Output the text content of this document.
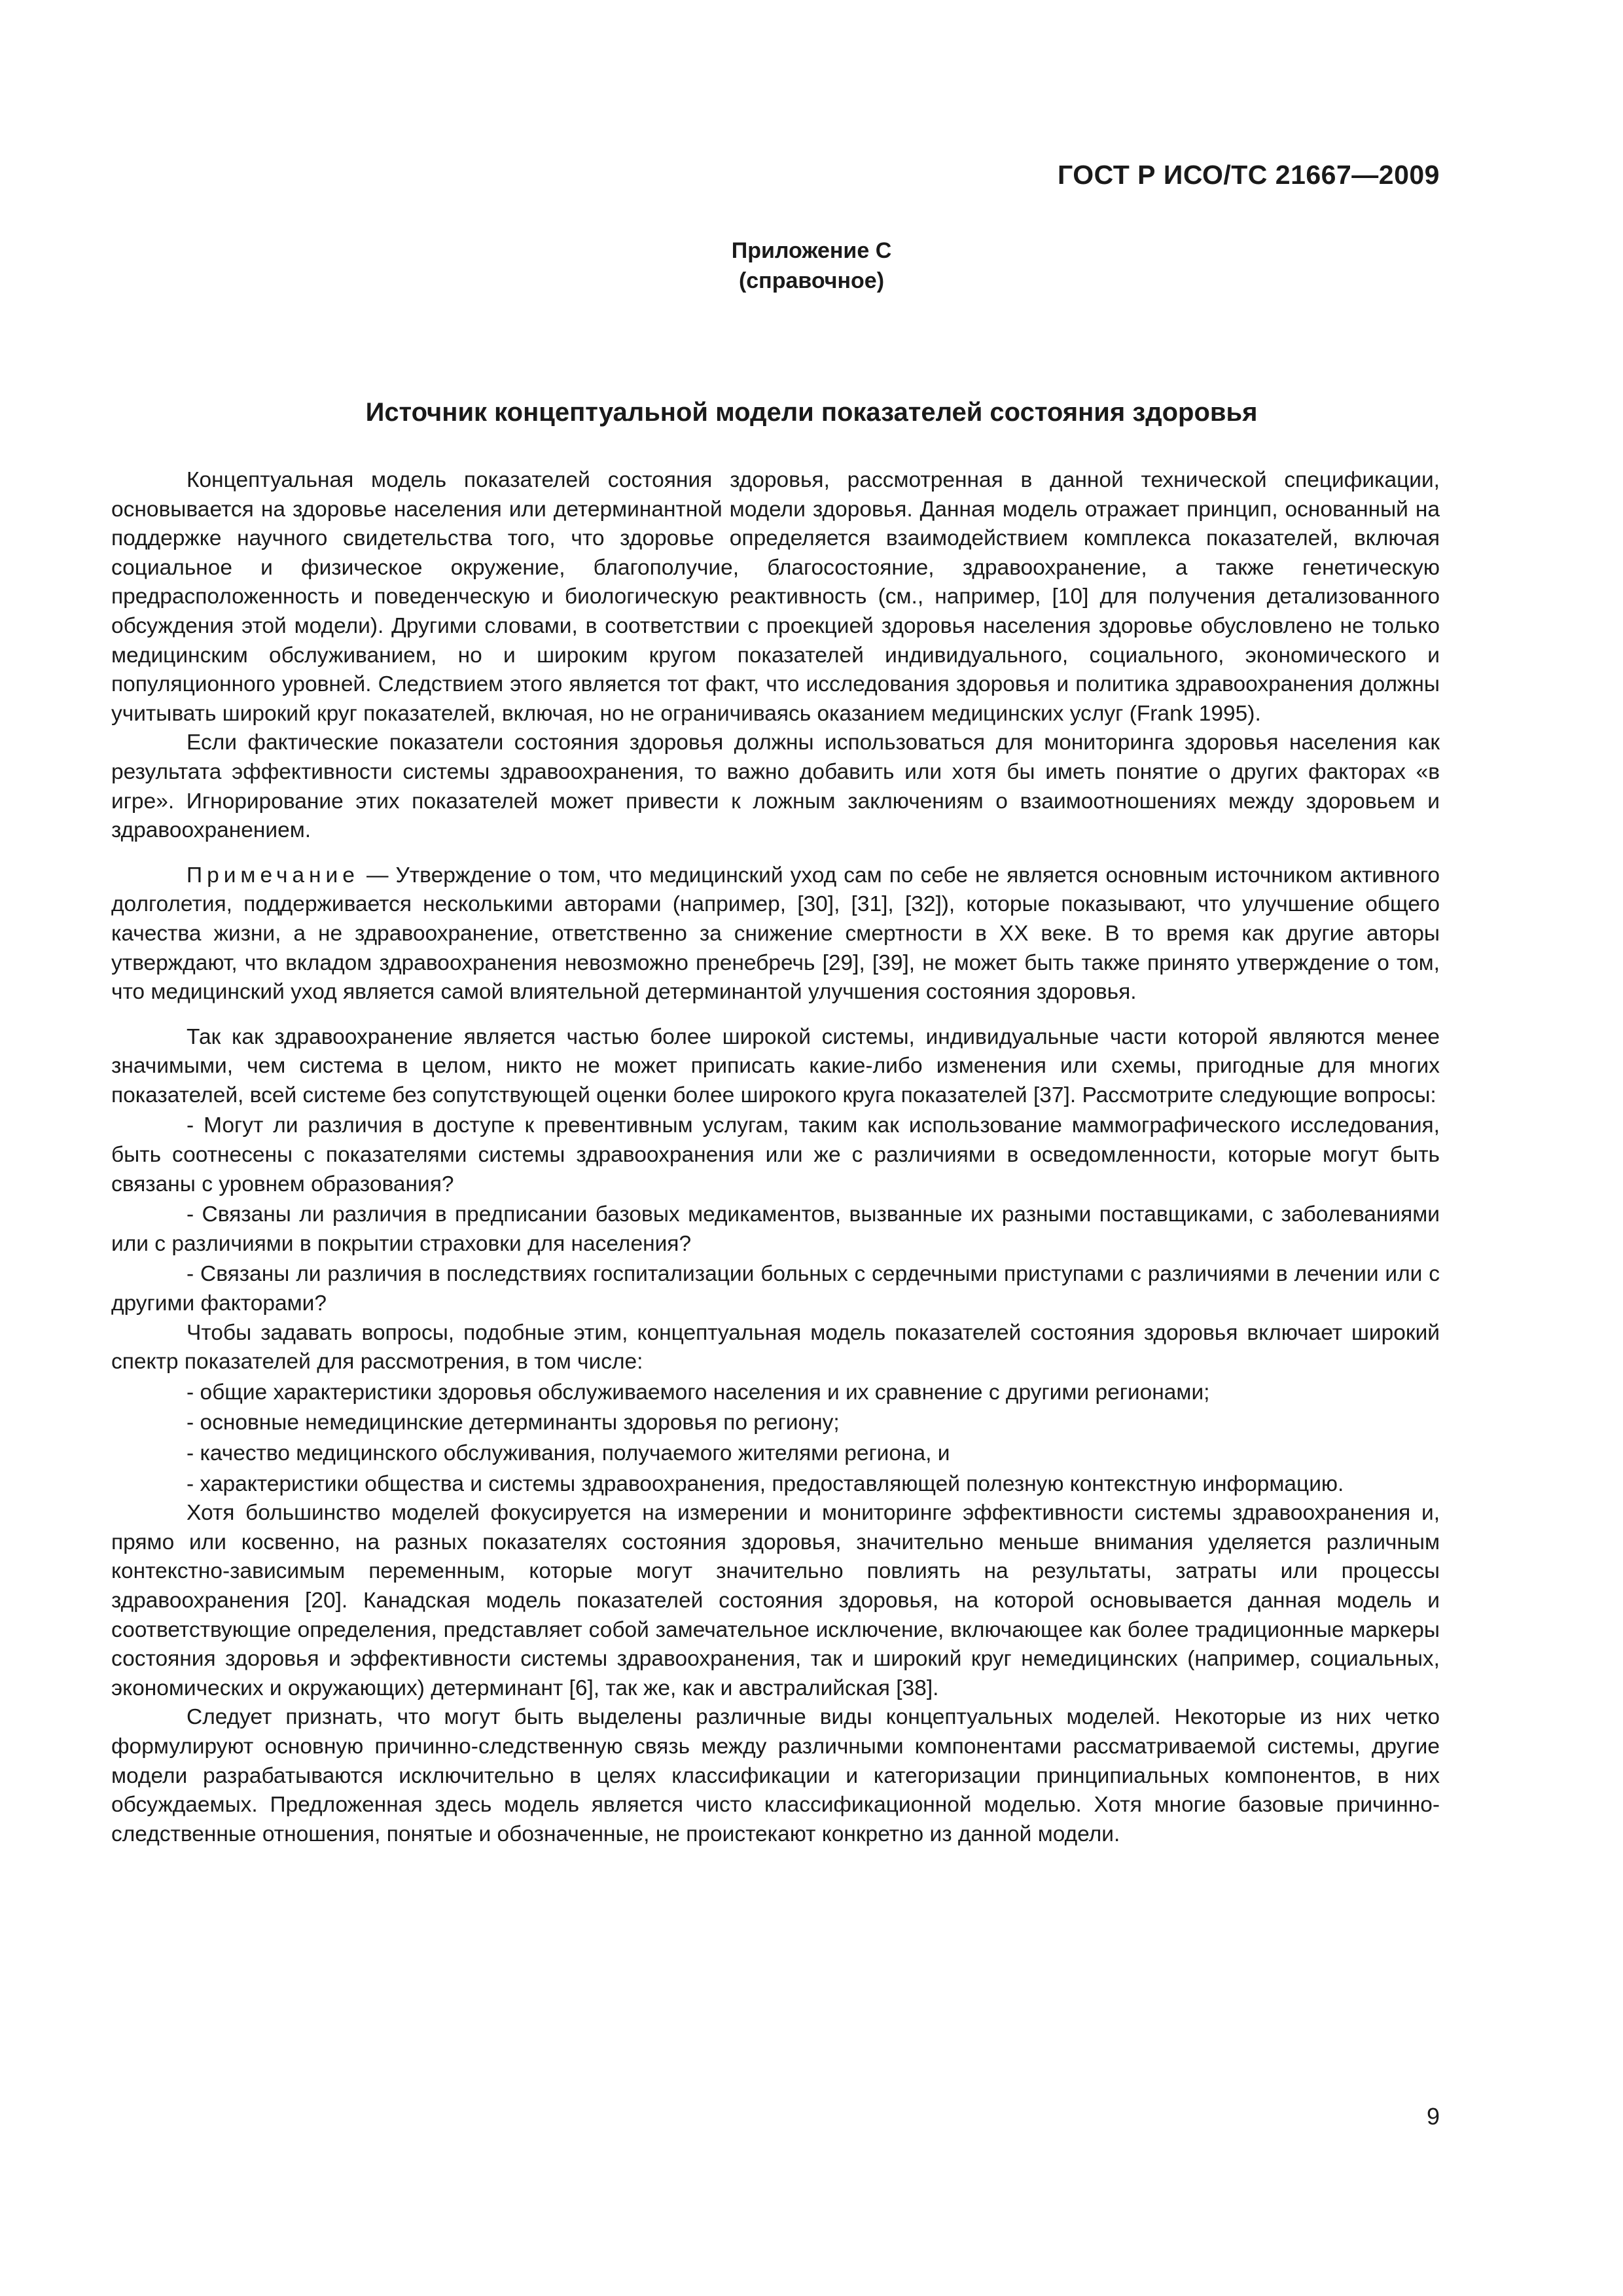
ГОСТ Р ИСО/ТС 21667—2009
Приложение С
(справочное)
Источник концептуальной модели показателей состояния здоровья

Концептуальная модель показателей состояния здоровья, рассмотренная в данной технической спецификации, основывается на здоровье населения или детерминантной модели здоровья. Данная модель отражает принцип, основанный на поддержке научного свидетельства того, что здоровье определяется взаимодействием комплекса показателей, включая социальное и физическое окружение, благополучие, благосостояние, здравоохранение, а также генетическую предрасположенность и поведенческую и биологическую реактивность (см., например, [10] для получения детализованного обсуждения этой модели). Другими словами, в соответствии с проекцией здоровья населения здоровье обусловлено не только медицинским обслуживанием, но и широким кругом показателей индивидуального, социального, экономического и популяционного уровней. Следствием этого является тот факт, что исследования здоровья и политика здравоохранения должны учитывать широкий круг показателей, включая, но не ограничиваясь оказанием медицинских услуг (Frank 1995).

Если фактические показатели состояния здоровья должны использоваться для мониторинга здоровья населения как результата эффективности системы здравоохранения, то важно добавить или хотя бы иметь понятие о других факторах «в игре». Игнорирование этих показателей может привести к ложным заключениям о взаимоотношениях между здоровьем и здравоохранением.

Примечание — Утверждение о том, что медицинский уход сам по себе не является основным источником активного долголетия, поддерживается несколькими авторами (например, [30], [31], [32]), которые показывают, что улучшение общего качества жизни, а не здравоохранение, ответственно за снижение смертности в XX веке. В то время как другие авторы утверждают, что вкладом здравоохранения невозможно пренебречь [29], [39], не может быть также принято утверждение о том, что медицинский уход является самой влиятельной детерминантой улучшения состояния здоровья.

Так как здравоохранение является частью более широкой системы, индивидуальные части которой являются менее значимыми, чем система в целом, никто не может приписать какие-либо изменения или схемы, пригодные для многих показателей, всей системе без сопутствующей оценки более широкого круга показателей [37]. Рассмотрите следующие вопросы:

- Могут ли различия в доступе к превентивным услугам, таким как использование маммографического исследования, быть соотнесены с показателями системы здравоохранения или же с различиями в осведомленности, которые могут быть связаны с уровнем образования?

- Связаны ли различия в предписании базовых медикаментов, вызванные их разными поставщиками, с заболеваниями или с различиями в покрытии страховки для населения?

- Связаны ли различия в последствиях госпитализации больных с сердечными приступами с различиями в лечении или с другими факторами?

Чтобы задавать вопросы, подобные этим, концептуальная модель показателей состояния здоровья включает широкий спектр показателей для рассмотрения, в том числе:

- общие характеристики здоровья обслуживаемого населения и их сравнение с другими регионами;

- основные немедицинские детерминанты здоровья по региону;

- качество медицинского обслуживания, получаемого жителями региона, и

- характеристики общества и системы здравоохранения, предоставляющей полезную контекстную информацию.

Хотя большинство моделей фокусируется на измерении и мониторинге эффективности системы здравоохранения и, прямо или косвенно, на разных показателях состояния здоровья, значительно меньше внимания уделяется различным контекстно-зависимым переменным, которые могут значительно повлиять на результаты, затраты или процессы здравоохранения [20]. Канадская модель показателей состояния здоровья, на которой основывается данная модель и соответствующие определения, представляет собой замечательное исключение, включающее как более традиционные маркеры состояния здоровья и эффективности системы здравоохранения, так и широкий круг немедицинских (например, социальных, экономических и окружающих) детерминант [6], так же, как и австралийская [38].

Следует признать, что могут быть выделены различные виды концептуальных моделей. Некоторые из них четко формулируют основную причинно-следственную связь между различными компонентами рассматриваемой системы, другие модели разрабатываются исключительно в целях классификации и категоризации принципиальных компонентов, в них обсуждаемых. Предложенная здесь модель является чисто классификационной моделью. Хотя многие базовые причинно-следственные отношения, понятые и обозначенные, не проистекают конкретно из данной модели.

9
